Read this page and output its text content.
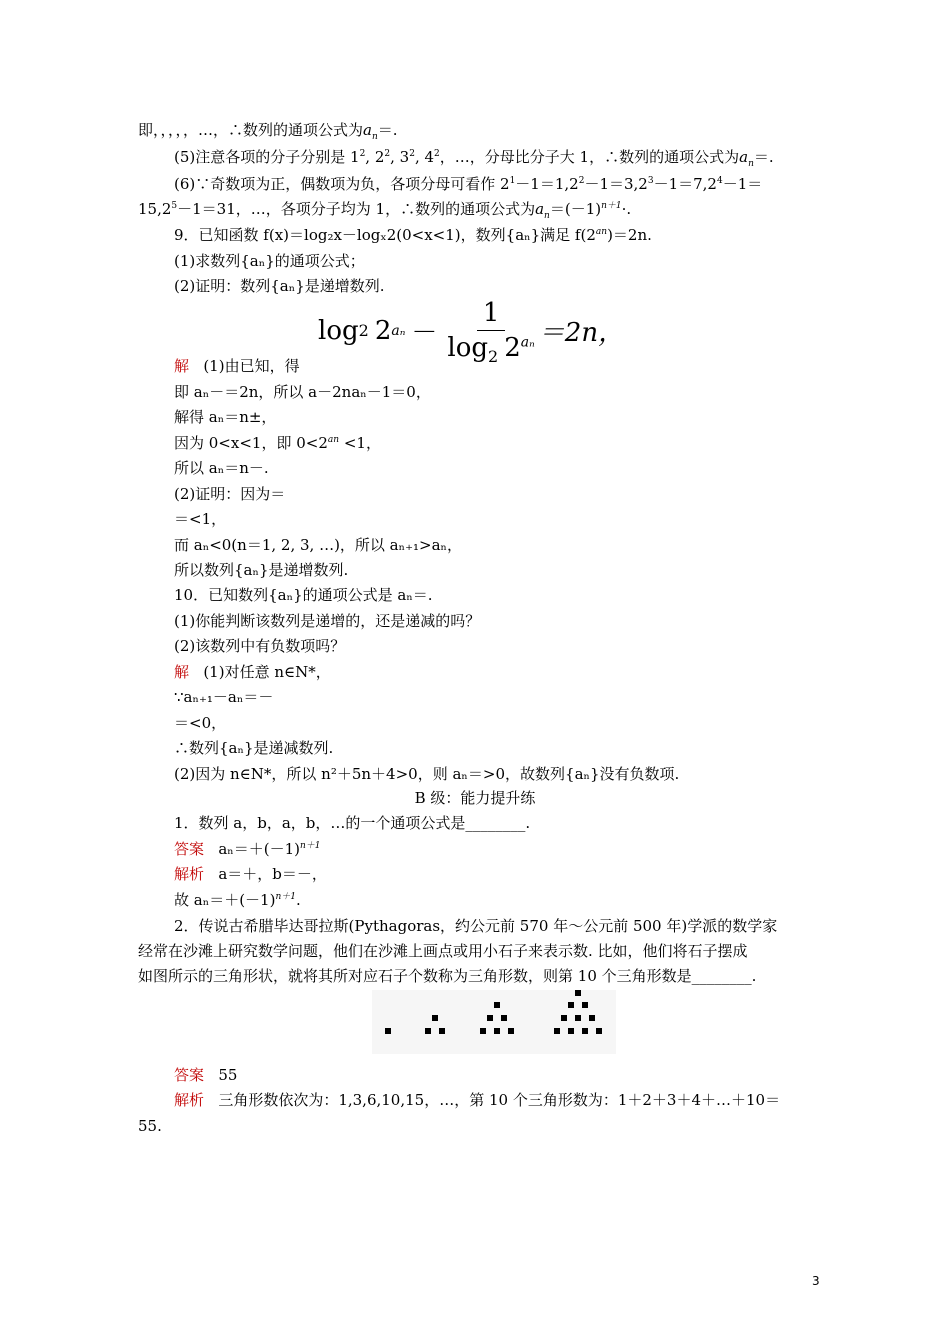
即，，，，，…，∴数列的通项公式为$a_n=$.
(5)注意各项的分子分别是 $1^2$, $2^2$, $3^2$, $4^2$，…，分母比分子大 1，∴数列的通项公式为$a_n=$.
(6)∵奇数项为正，偶数项为负，各项分母可看作 $2^1-1=1,2^2-1=3,2^3-1=7,2^4-1=$
$15,2^5-1=31$，…，各项分子均为 1，∴数列的通项公式为$a_n=(-1)^{n+1}\cdot$.
9．已知函数 f(x)＝log₂x－logₓ2(0<x<1)，数列{aₙ}满足 $f(2^{an})=2n$.
(1)求数列{aₙ}的通项公式；
(2)证明：数列{aₙ}是递增数列.
log 2 2 $a_n - \frac{1}{\log_2 2^{a_n}} =2n$，
解 (1)由已知，得
即 aₙ－＝2n，所以 a－2naₙ－1＝0，
解得 aₙ＝n±，
因为 0<x<1，即 $0<2^{an} <1$，
所以 aₙ＝n－.
(2)证明：因为＝
＝<1，
而 aₙ<0(n＝1, 2, 3, …)，所以 aₙ₊₁>aₙ，
所以数列{aₙ}是递增数列.
10．已知数列{aₙ}的通项公式是 aₙ＝.
(1)你能判断该数列是递增的，还是递减的吗？
(2)该数列中有负数项吗？
解 (1)对任意 n∈N*，
∵aₙ₊₁－aₙ＝－
＝<0，
∴数列{aₙ}是递减数列.
(2)因为 n∈N*，所以 n²＋5n＋4>0，则 aₙ＝>0，故数列{aₙ}没有负数项.
B 级：能力提升练
1．数列 a，b，a，b，…的一个通项公式是________.
答案 $a_n=+(-1)^{n+1}$
解析 a＝＋，b＝－，
故 $a_n=+(-1)^{n+1}$.
2．传说古希腊毕达哥拉斯(Pythagoras，约公元前 570 年～公元前 500 年)学派的数学家
经常在沙滩上研究数学问题，他们在沙滩上画点或用小石子来表示数. 比如，他们将石子摆成
如图所示的三角形状，就将其所对应石子个数称为三角形数，则第 10 个三角形数是________.
答案 55
解析 三角形数依次为：1,3,6,10,15，…，第 10 个三角形数为：1＋2＋3＋4＋…＋10＝
55.
3
